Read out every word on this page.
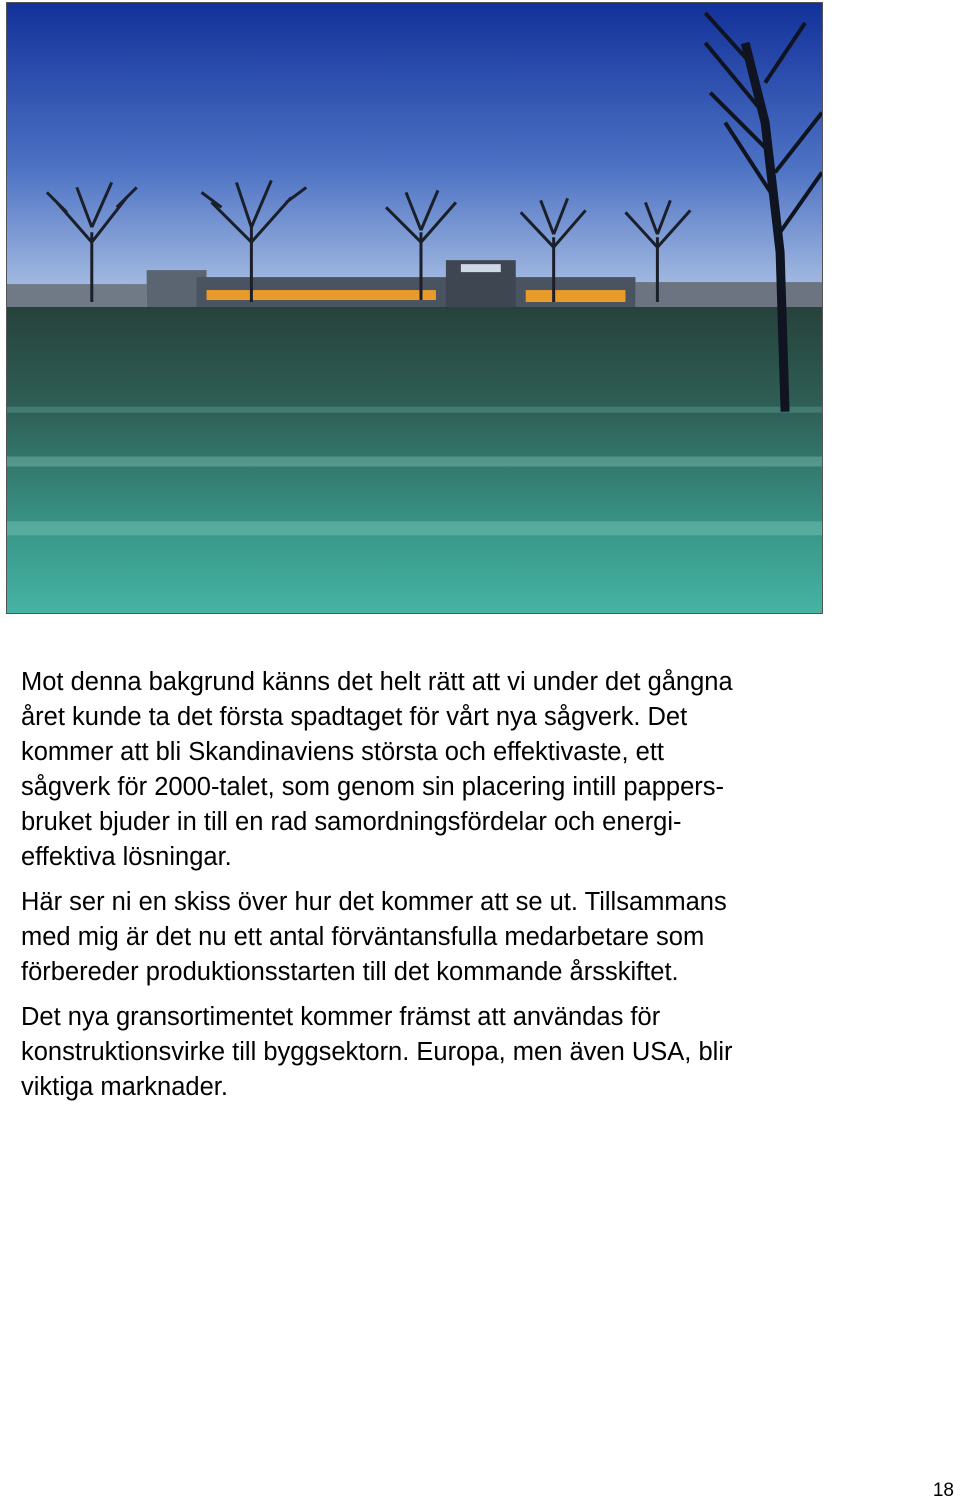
Mot denna bakgrund känns det helt rätt att vi under det gångna
året kunde ta det första spadtaget för vårt nya sågverk. Det
kommer att bli Skandinaviens största och effektivaste, ett
sågverk för 2000-talet, som genom sin placering intill pappers-
bruket bjuder in till en rad samordningsfördelar och energi-
effektiva lösningar.

Här ser ni en skiss över hur det kommer att se ut. Tillsammans
med mig är det nu ett antal förväntansfulla medarbetare som
förbereder produktionsstarten till det kommande årsskiftet.

Det nya gransortimentet kommer främst att användas för
konstruktionsvirke till byggsektorn. Europa, men även USA, blir
viktiga marknader.

18
